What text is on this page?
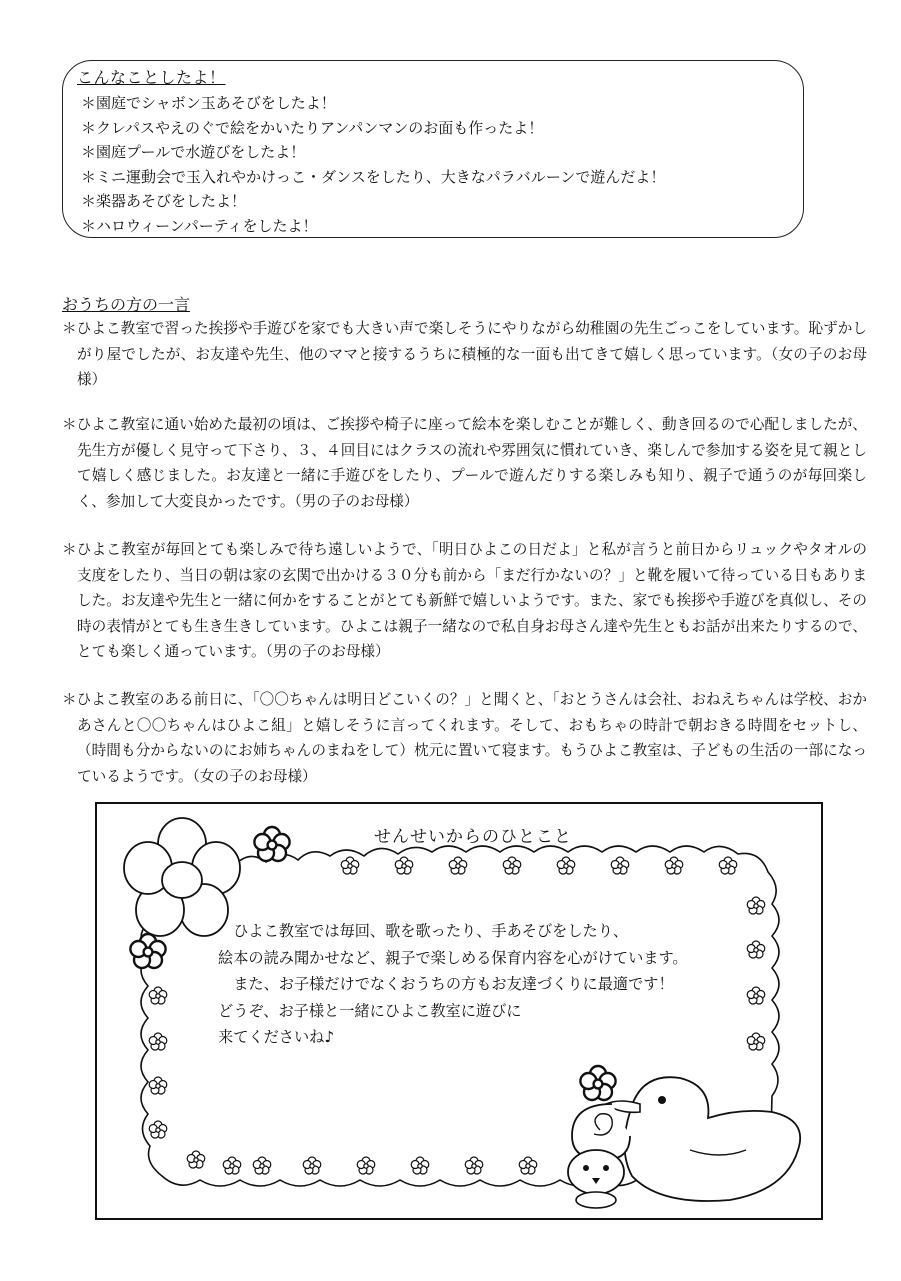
こんなことしたよ！
＊園庭でシャボン玉あそびをしたよ！
＊クレパスやえのぐで絵をかいたりアンパンマンのお面も作ったよ！
＊園庭プールで水遊びをしたよ！
＊ミニ運動会で玉入れやかけっこ・ダンスをしたり、大きなパラバルーンで遊んだよ！
＊楽器あそびをしたよ！
＊ハロウィーンパーティをしたよ！
おうちの方の一言

＊ひよこ教室で習った挨拶や手遊びを家でも大きい声で楽しそうにやりながら幼稚園の先生ごっこをしています。恥ずかしがり屋でしたが、お友達や先生、他のママと接するうちに積極的な一面も出てきて嬉しく思っています。（女の子のお母様）

＊ひよこ教室に通い始めた最初の頃は、ご挨拶や椅子に座って絵本を楽しむことが難しく、動き回るので心配しましたが、先生方が優しく見守って下さり、３、４回目にはクラスの流れや雰囲気に慣れていき、楽しんで参加する姿を見て親として嬉しく感じました。お友達と一緒に手遊びをしたり、プールで遊んだりする楽しみも知り、親子で通うのが毎回楽しく、参加して大変良かったです。（男の子のお母様）

＊ひよこ教室が毎回とても楽しみで待ち遠しいようで、「明日ひよこの日だよ」と私が言うと前日からリュックやタオルの支度をしたり、当日の朝は家の玄関で出かける３０分も前から「まだ行かないの？」と靴を履いて待っている日もありました。お友達や先生と一緒に何かをすることがとても新鮮で嬉しいようです。また、家でも挨拶や手遊びを真似し、その時の表情がとても生き生きしています。ひよこは親子一緒なので私自身お母さん達や先生ともお話が出来たりするので、とても楽しく通っています。（男の子のお母様）

＊ひよこ教室のある前日に、「〇〇ちゃんは明日どこいくの？」と聞くと、「おとうさんは会社、おねえちゃんは学校、おかあさんと〇〇ちゃんはひよこ組」と嬉しそうに言ってくれます。そして、おもちゃの時計で朝おきる時間をセットし、（時間も分からないのにお姉ちゃんのまねをして）枕元に置いて寝ます。もうひよこ教室は、子どもの生活の一部になっているようです。（女の子のお母様）

せんせいからのひとこと

　ひよこ教室では毎回、歌を歌ったり、手あそびをしたり、
絵本の読み聞かせなど、親子で楽しめる保育内容を心がけています。
　また、お子様だけでなくおうちの方もお友達づくりに最適です！
どうぞ、お子様と一緒にひよこ教室に遊びに
来てくださいね♪
